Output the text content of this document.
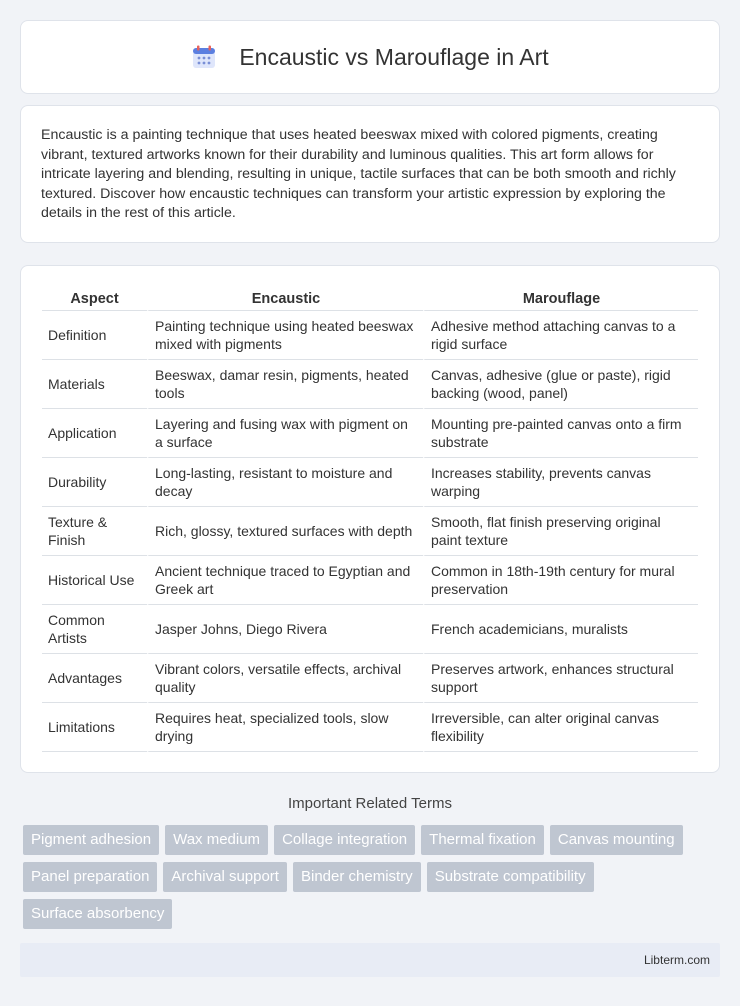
Encaustic vs Marouflage in Art

Encaustic is a painting technique that uses heated beeswax mixed with colored pigments, creating vibrant, textured artworks known for their durability and luminous qualities. This art form allows for intricate layering and blending, resulting in unique, tactile surfaces that can be both smooth and richly textured. Discover how encaustic techniques can transform your artistic expression by exploring the details in the rest of this article.

Aspect	Encaustic	Marouflage
Definition	Painting technique using heated beeswax mixed with pigments	Adhesive method attaching canvas to a rigid surface
Materials	Beeswax, damar resin, pigments, heated tools	Canvas, adhesive (glue or paste), rigid backing (wood, panel)
Application	Layering and fusing wax with pigment on a surface	Mounting pre-painted canvas onto a firm substrate
Durability	Long-lasting, resistant to moisture and decay	Increases stability, prevents canvas warping
Texture & Finish	Rich, glossy, textured surfaces with depth	Smooth, flat finish preserving original paint texture
Historical Use	Ancient technique traced to Egyptian and Greek art	Common in 18th-19th century for mural preservation
Common Artists	Jasper Johns, Diego Rivera	French academicians, muralists
Advantages	Vibrant colors, versatile effects, archival quality	Preserves artwork, enhances structural support
Limitations	Requires heat, specialized tools, slow drying	Irreversible, can alter original canvas flexibility
Important Related Terms
Pigment adhesion	Wax medium	Collage integration	Thermal fixation	Canvas mounting
Panel preparation	Archival support	Binder chemistry	Substrate compatibility
Surface absorbency
Libterm.com
